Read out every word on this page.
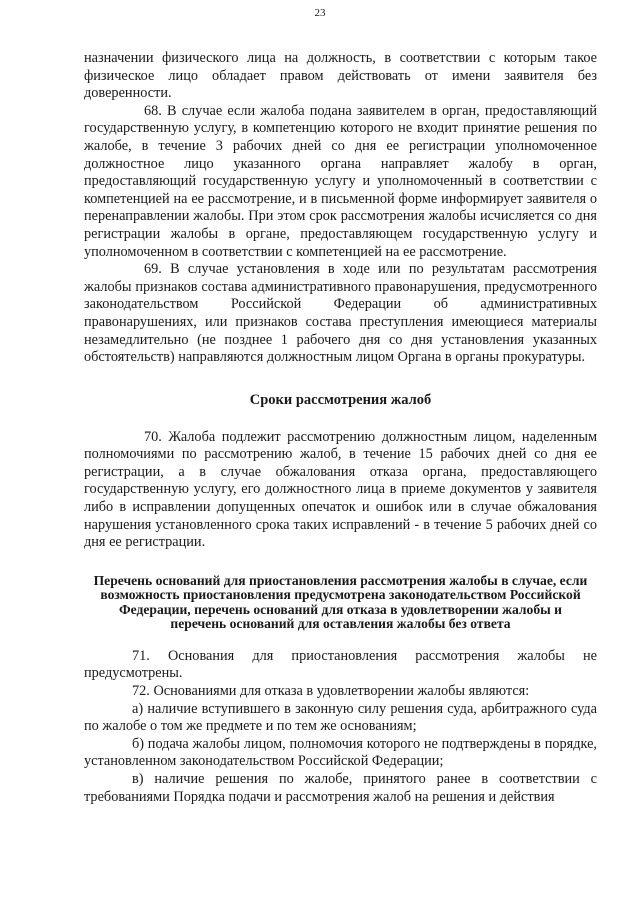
23

назначении физического лица на должность, в соответствии с которым такое физическое лицо обладает правом действовать от имени заявителя без доверенности.

68. В случае если жалоба подана заявителем в орган, предоставляющий государственную услугу, в компетенцию которого не входит принятие решения по жалобе, в течение 3 рабочих дней со дня ее регистрации уполномоченное должностное лицо указанного органа направляет жалобу в орган, предоставляющий государственную услугу и уполномоченный в соответствии с компетенцией на ее рассмотрение, и в письменной форме информирует заявителя о перенаправлении жалобы. При этом срок рассмотрения жалобы исчисляется со дня регистрации жалобы в органе, предоставляющем государственную услугу и уполномоченном в соответствии с компетенцией на ее рассмотрение.

69. В случае установления в ходе или по результатам рассмотрения жалобы признаков состава административного правонарушения, предусмотренного законодательством Российской Федерации об административных правонарушениях, или признаков состава преступления имеющиеся материалы незамедлительно (не позднее 1 рабочего дня со дня установления указанных обстоятельств) направляются должностным лицом Органа в органы прокуратуры.

Сроки рассмотрения жалоб

70. Жалоба подлежит рассмотрению должностным лицом, наделенным полномочиями по рассмотрению жалоб, в течение 15 рабочих дней со дня ее регистрации, а в случае обжалования отказа органа, предоставляющего государственную услугу, его должностного лица в приеме документов у заявителя либо в исправлении допущенных опечаток и ошибок или в случае обжалования нарушения установленного срока таких исправлений - в течение 5 рабочих дней со дня ее регистрации.

Перечень оснований для приостановления рассмотрения жалобы в случае, если возможность приостановления предусмотрена законодательством Российской Федерации, перечень оснований для отказа в удовлетворении жалобы и перечень оснований для оставления жалобы без ответа

71. Основания для приостановления рассмотрения жалобы не предусмотрены.

72. Основаниями для отказа в удовлетворении жалобы являются:

а) наличие вступившего в законную силу решения суда, арбитражного суда по жалобе о том же предмете и по тем же основаниям;

б) подача жалобы лицом, полномочия которого не подтверждены в порядке, установленном законодательством Российской Федерации;

в) наличие решения по жалобе, принятого ранее в соответствии с требованиями Порядка подачи и рассмотрения жалоб на решения и действия
